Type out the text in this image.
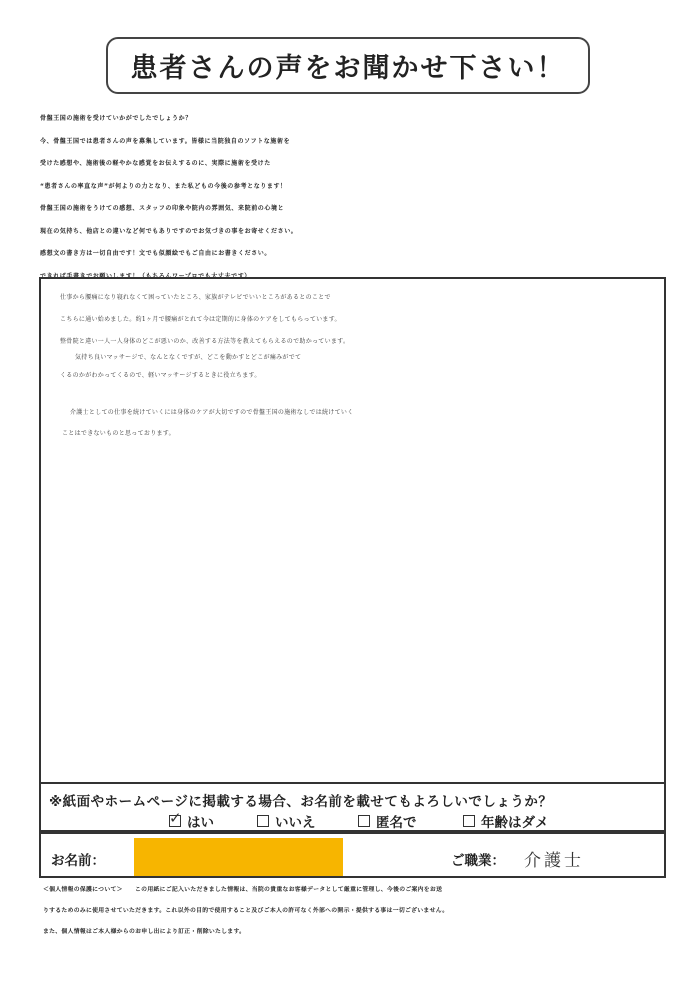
患者さんの声をお聞かせ下さい！
骨盤王国の施術を受けていかがでしたでしょうか？
今、骨盤王国では患者さんの声を募集しています。皆様に当院独自のソフトな施術を
受けた感想や、施術後の軽やかな感覚をお伝えするのに、実際に施術を受けた
“患者さんの率直な声”が何よりの力となり、また私どもの今後の参考となります！
骨盤王国の施術をうけての感想、スタッフの印象や院内の雰囲気、来院前の心境と
現在の気持ち、他店との違いなど何でもありですのでお気づきの事をお寄せください。
感想文の書き方は一切自由です！文でも似顔絵でもご自由にお書きください。
できれば手書きでお願いします！（もちろんワープロでも大丈夫です）
仕事から腰痛になり寝れなくて困っていたところ、家族がテレビでいいところがあるとのことで
こちらに通い始めました。約1ヶ月で腰痛がとれて今は定期的に身体のケアをしてもらっています。
整骨院と違い一人一人身体のどこが悪いのか、改善する方法等を教えてもらえるので助かっています。
気持ち良いマッサージで、なんとなくですが、どこを動かすとどこが痛みがでて
くるのかがわかってくるので、軽いマッサージするときに役立ちます。
介護士としての仕事を続けていくには身体のケアが大切ですので骨盤王国の施術なしでは続けていく
ことはできないものと思っております。
※紙面やホームページに掲載する場合、お名前を載せてもよろしいでしょうか？
✓ はい	いいえ	匿名で	年齢はダメ
お名前：	ご職業： 介護士
＜個人情報の保護について＞　　この用紙にご記入いただきました情報は、当院の貴重なお客様データとして厳重に管理し、今後のご案内をお送
りするためのみに使用させていただきます。これ以外の目的で使用すること及びご本人の許可なく外部への開示・提供する事は一切ございません。
また、個人情報はご本人様からのお申し出により訂正・削除いたします。
